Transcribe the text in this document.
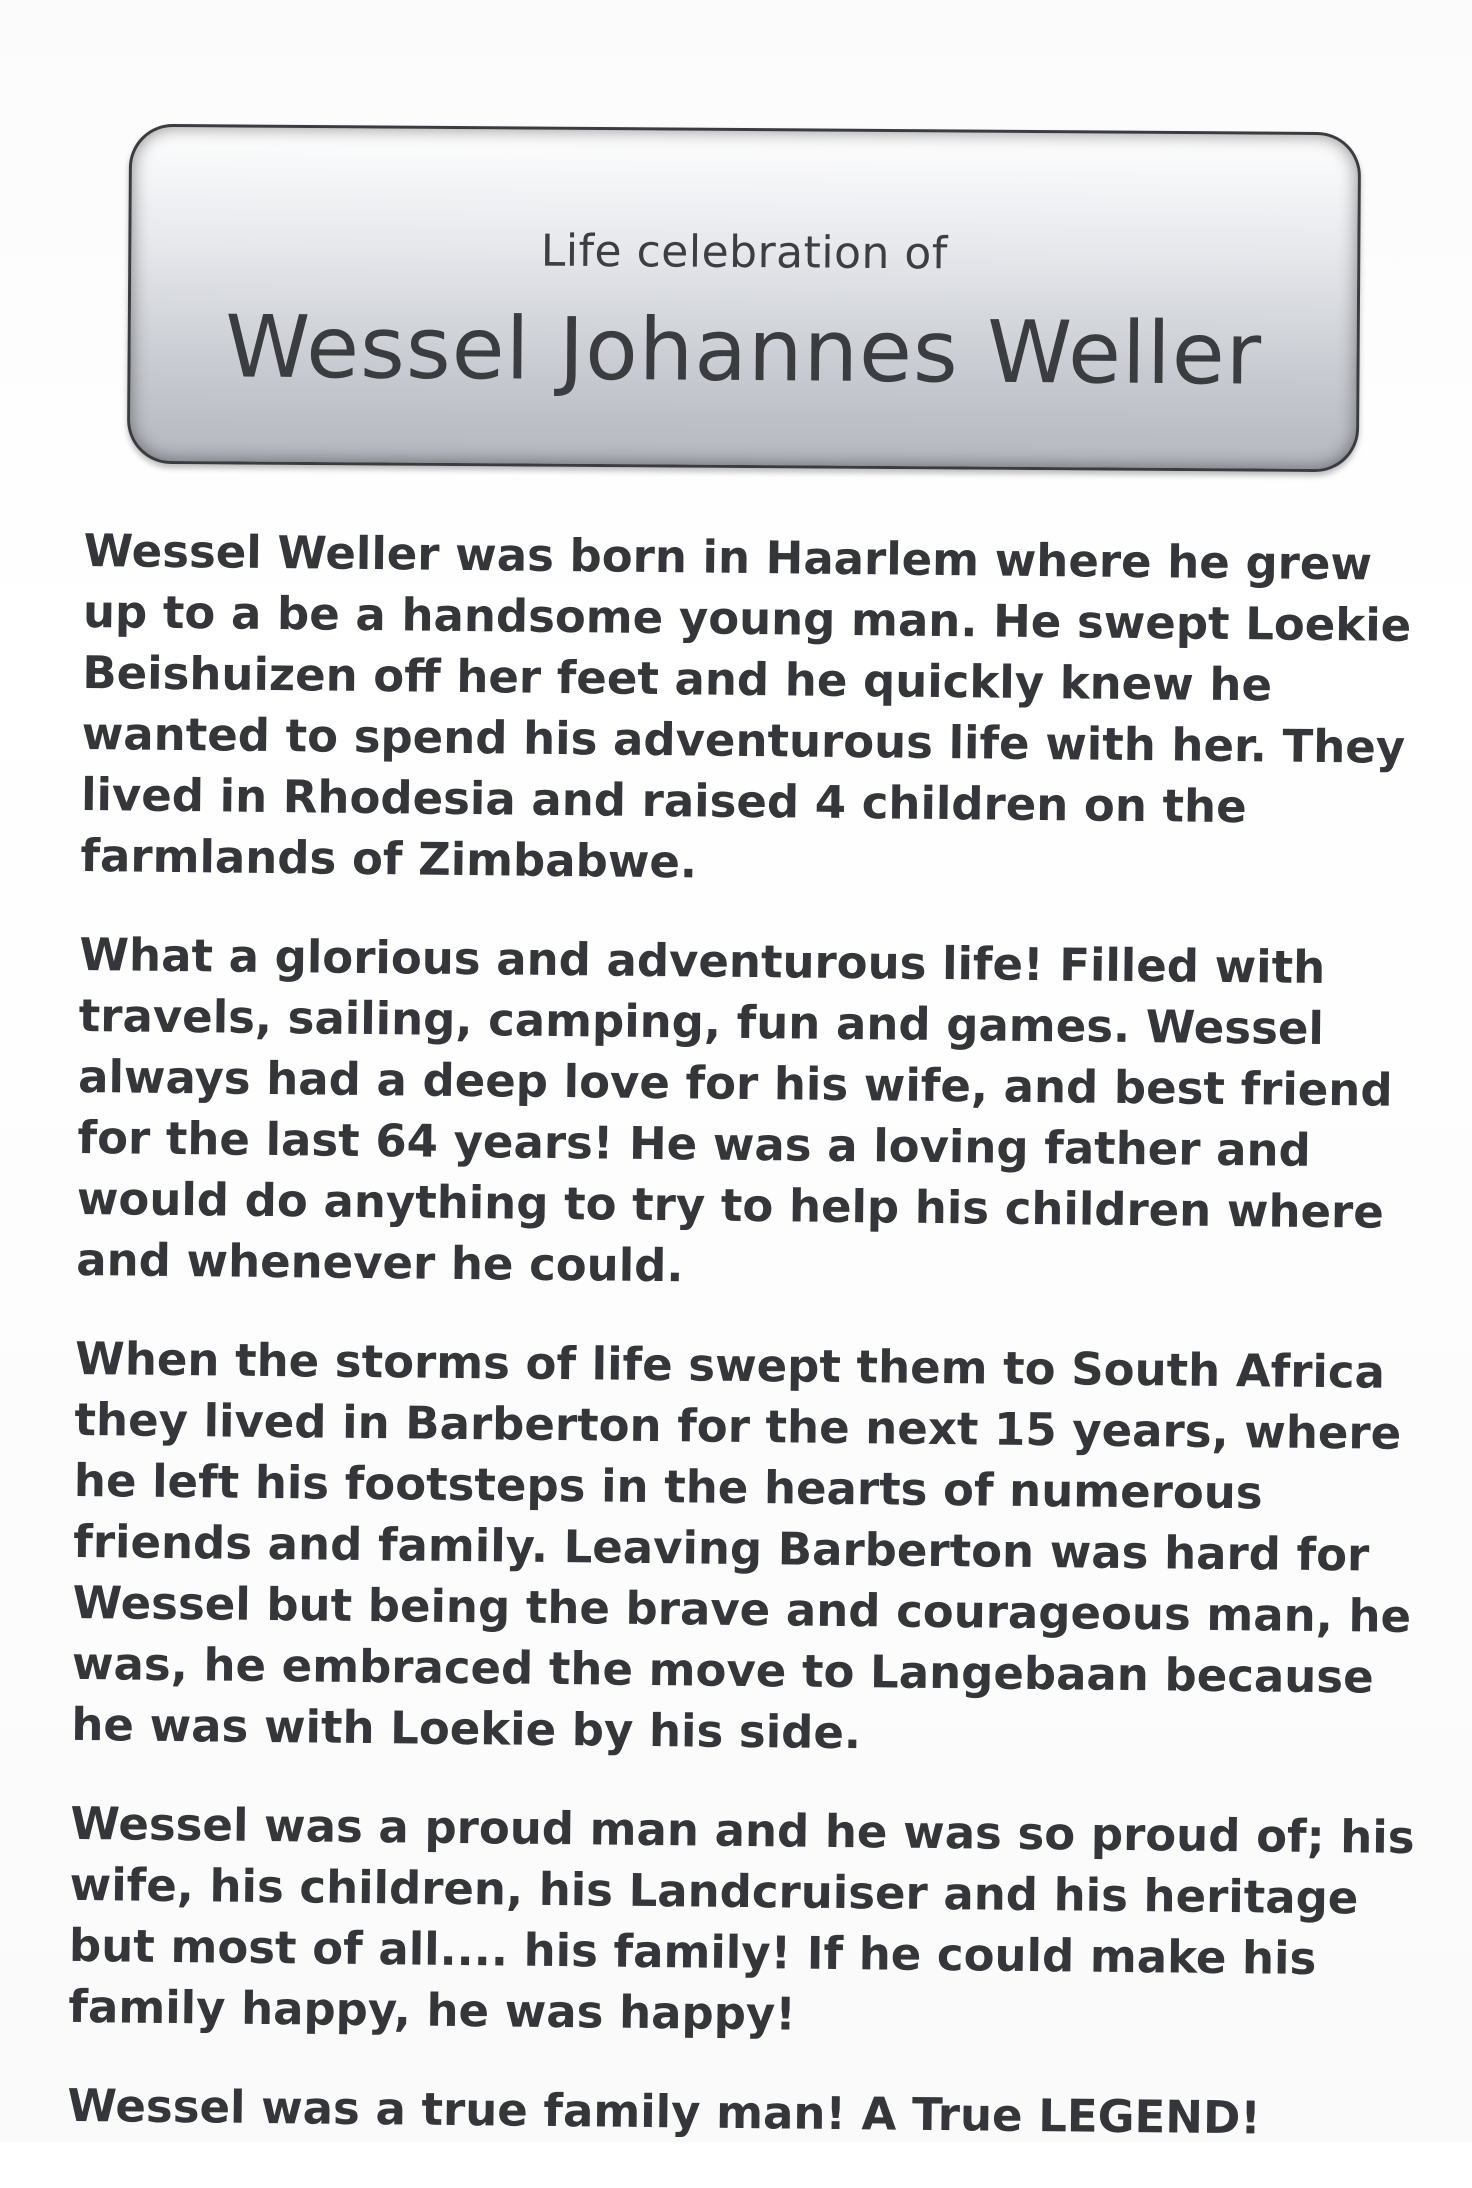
Life celebration of
Wessel Johannes Weller

Wessel Weller was born in Haarlem where he grew up to a be a handsome young man. He swept Loekie Beishuizen off her feet and he quickly knew he wanted to spend his adventurous life with her. They lived in Rhodesia and raised 4 children on the farmlands of Zimbabwe.

What a glorious and adventurous life! Filled with travels, sailing, camping, fun and games. Wessel always had a deep love for his wife, and best friend for the last 64 years! He was a loving father and would do anything to try to help his children where and whenever he could.

When the storms of life swept them to South Africa they lived in Barberton for the next 15 years, where he left his footsteps in the hearts of numerous friends and family. Leaving Barberton was hard for Wessel but being the brave and courageous man, he was, he embraced the move to Langebaan because he was with Loekie by his side.

Wessel was a proud man and he was so proud of; his wife, his children, his Landcruiser and his heritage but most of all.... his family! If he could make his family happy, he was happy!

Wessel was a true family man! A True LEGEND!
